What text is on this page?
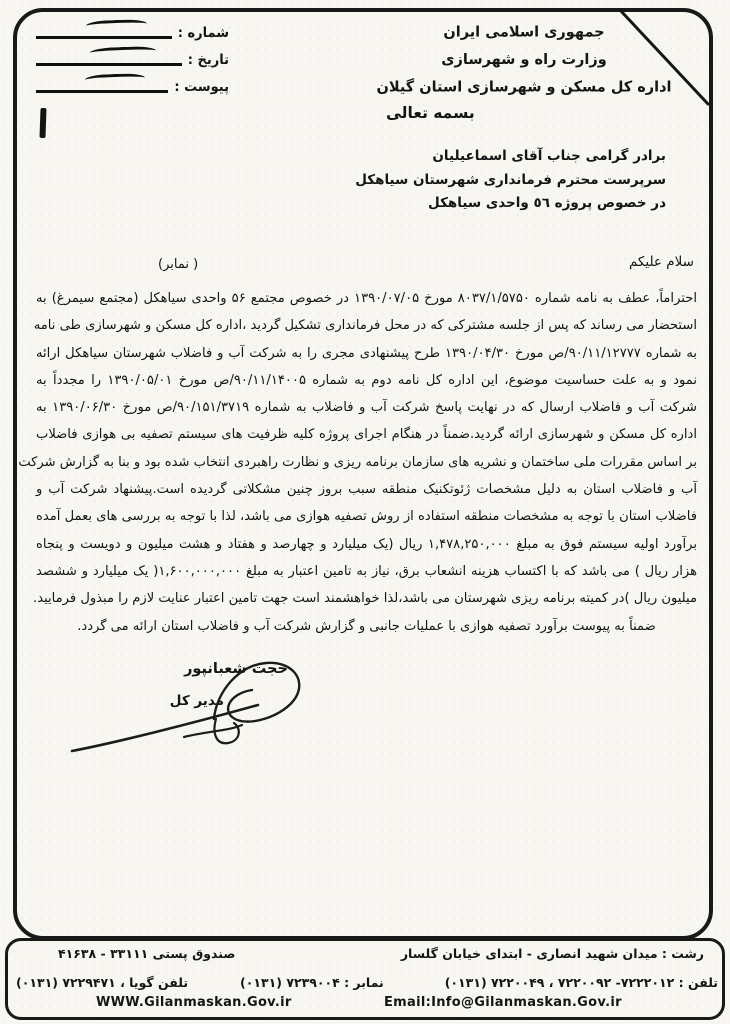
شماره :
تاریخ :
پیوست :
جمهوری اسلامی ایران
وزارت راه و شهرسازی
اداره کل مسکن و شهرسازی استان گیلان
بسمه تعالی
برادر گرامی جناب آقای اسماعیلیان
سرپرست محترم فرمانداری شهرستان سیاهکل
در خصوص پروژه ٥٦ واحدی سیاهکل
سلام علیکم
( نمابر)
احتراماً، عطف به نامه شماره ۸۰۳۷/۱/۵۷۵۰ مورخ ۱۳۹۰/۰۷/۰۵ در خصوص مجتمع ۵۶ واحدی سیاهکل (مجتمع سیمرغ) به
استحضار می رساند که پس از جلسه مشترکی که در محل فرمانداری تشکیل گردید ،اداره کل مسکن و شهرسازی طی نامه
به شماره ۹۰/۱۱/۱۲۷۷۷/ص مورخ ۱۳۹۰/۰۴/۳۰ طرح پیشنهادی مجری را به شرکت آب و فاضلاب شهرستان سیاهکل ارائه
نمود و به علت حساسیت موضوع، این اداره کل نامه دوم به شماره ۹۰/۱۱/۱۴۰۰۵/ص مورخ ۱۳۹۰/۰۵/۰۱ را مجدداً به
شرکت آب و فاضلاب ارسال که در نهایت پاسخ شرکت آب و فاضلاب به شماره ۹۰/۱۵۱/۳۷۱۹/ص مورخ ۱۳۹۰/۰۶/۳۰ به
اداره کل مسکن و شهرسازی ارائه گردید.ضمناً در هنگام اجرای پروژه کلیه ظرفیت های سیستم تصفیه بی هوازی فاضلاب
بر اساس مقررات ملی ساختمان و نشریه های سازمان برنامه ریزی و نظارت راهبردی انتخاب شده بود و بنا به گزارش شرکت
آب و فاضلاب استان به دلیل مشخصات ژئوتکنیک منطقه سبب بروز چنین مشکلاتی گردیده است.پیشنهاد شرکت آب و
فاضلاب استان با توجه به مشخصات منطقه استفاده از روش تصفیه هوازی می باشد، لذا با توجه به بررسی های بعمل آمده
برآورد اولیه سیستم فوق به مبلغ ۱,۴۷۸,۲۵۰,۰۰۰ ریال (یک میلیارد و چهارصد و هفتاد و هشت میلیون و دویست و پنجاه
هزار ریال ) می باشد که با اکتساب هزینه انشعاب برق، نیاز به تامین اعتبار به مبلغ ۱,۶۰۰,۰۰۰,۰۰۰( یک میلیارد و ششصد
میلیون ریال )در کمیته برنامه ریزی شهرستان می باشد،لذا خواهشمند است جهت تامین اعتبار عنایت لازم را مبذول فرمایید.
ضمناً به پیوست برآورد تصفیه هوازی با عملیات جانبی و گزارش شرکت آب و فاضلاب استان ارائه می گردد.
حجت شعبانپور
مدیر کل
رشت : میدان شهید انصاری - ابتدای خیابان گلسار
صندوق پستی ۳۳۱۱۱ - ۴۱۶۳۸
تلفن : ۷۲۲۲۰۱۲- ۷۲۲۰۰۹۲ ، ۷۲۲۰۰۴۹ (۰۱۳۱)
نمابر : ۷۲۳۹۰۰۴ (۰۱۳۱)
تلفن گویا ، ۷۲۲۹۴۷۱ (۰۱۳۱)
WWW.Gilanmaskan.Gov.ir	Email:Info@Gilanmaskan.Gov.ir
